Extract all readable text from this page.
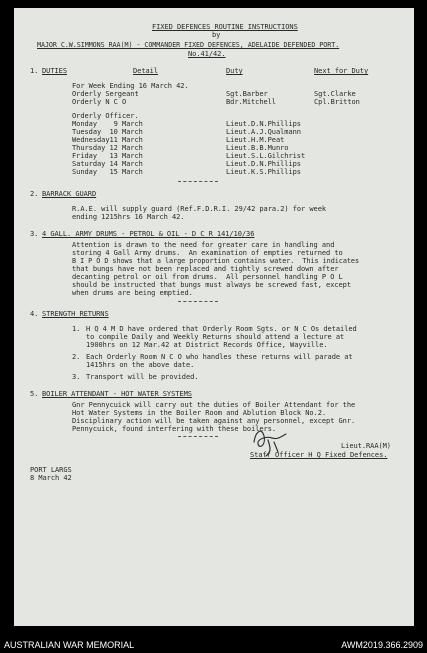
FIXED DEFENCES ROUTINE INSTRUCTIONS
by
MAJOR C.W.SIMMONS RAA(M) - COMMANDER FIXED DEFENCES, ADELAIDE DEFENDED PORT.
No.41/42.
1. DUTIES	Detail	Duty	Next for Duty
For Week Ending 16 March 42.
Orderly Sergeant	Sgt.Barber	Sgt.Clarke
Orderly N C O	Bdr.Mitchell	Cpl.Britton
Orderly Officer.
Monday    9 March	Lieut.D.N.Phillips
Tuesday  10 March	Lieut.A.J.Qualmann
Wednesday11 March	Lieut.H.M.Peat
Thursday 12 March	Lieut.B.B.Munro
Friday   13 March	Lieut.S.L.Gilchrist
Saturday 14 March	Lieut.D.N.Phillips
Sunday   15 March	Lieut.K.S.Phillips
2. BARRACK GUARD
R.A.E. will supply guard (Ref.F.D.R.I. 29/42 para.2) for week
ending 1215hrs 16 March 42.
3. 4 GALL. ARMY DRUMS - PETROL & OIL - D C R 141/10/36
Attention is drawn to the need for greater care in handling and
storing 4 Gall Army drums.  An examination of empties returned to
B I P O D shows that a large proportion contains water.  This indicates
that bungs have not been replaced and tightly screwed down after
decanting petrol or oil from drums.  All personnel handling P O L
should be instructed that bungs must always be screwed fast, except
when drums are being emptied.
4. STRENGTH RETURNS
1. H Q 4 M D have ordered that Orderly Room Sgts. or N C Os detailed
to compile Daily and Weekly Returns should attend a lecture at
1900hrs on 12 Mar.42 at District Records Office, Wayville.
2. Each Orderly Room N C O who handles these returns will parade at
1415hrs on the above date.
3. Transport will be provided.
5. BOILER ATTENDANT - HOT WATER SYSTEMS
Gnr Pennycuick will carry out the duties of Boiler Attendant for the
Hot Water Systems in the Boiler Room and Ablution Block No.2.
Disciplinary action will be taken against any personnel, except Gnr.
Pennycuick, found interfering with these boilers.
Lieut.RAA(M)
Staff Officer H Q Fixed Defences.
PORT LARGS
8 March 42
AUSTRALIAN WAR MEMORIAL	AWM2019.366.2909
